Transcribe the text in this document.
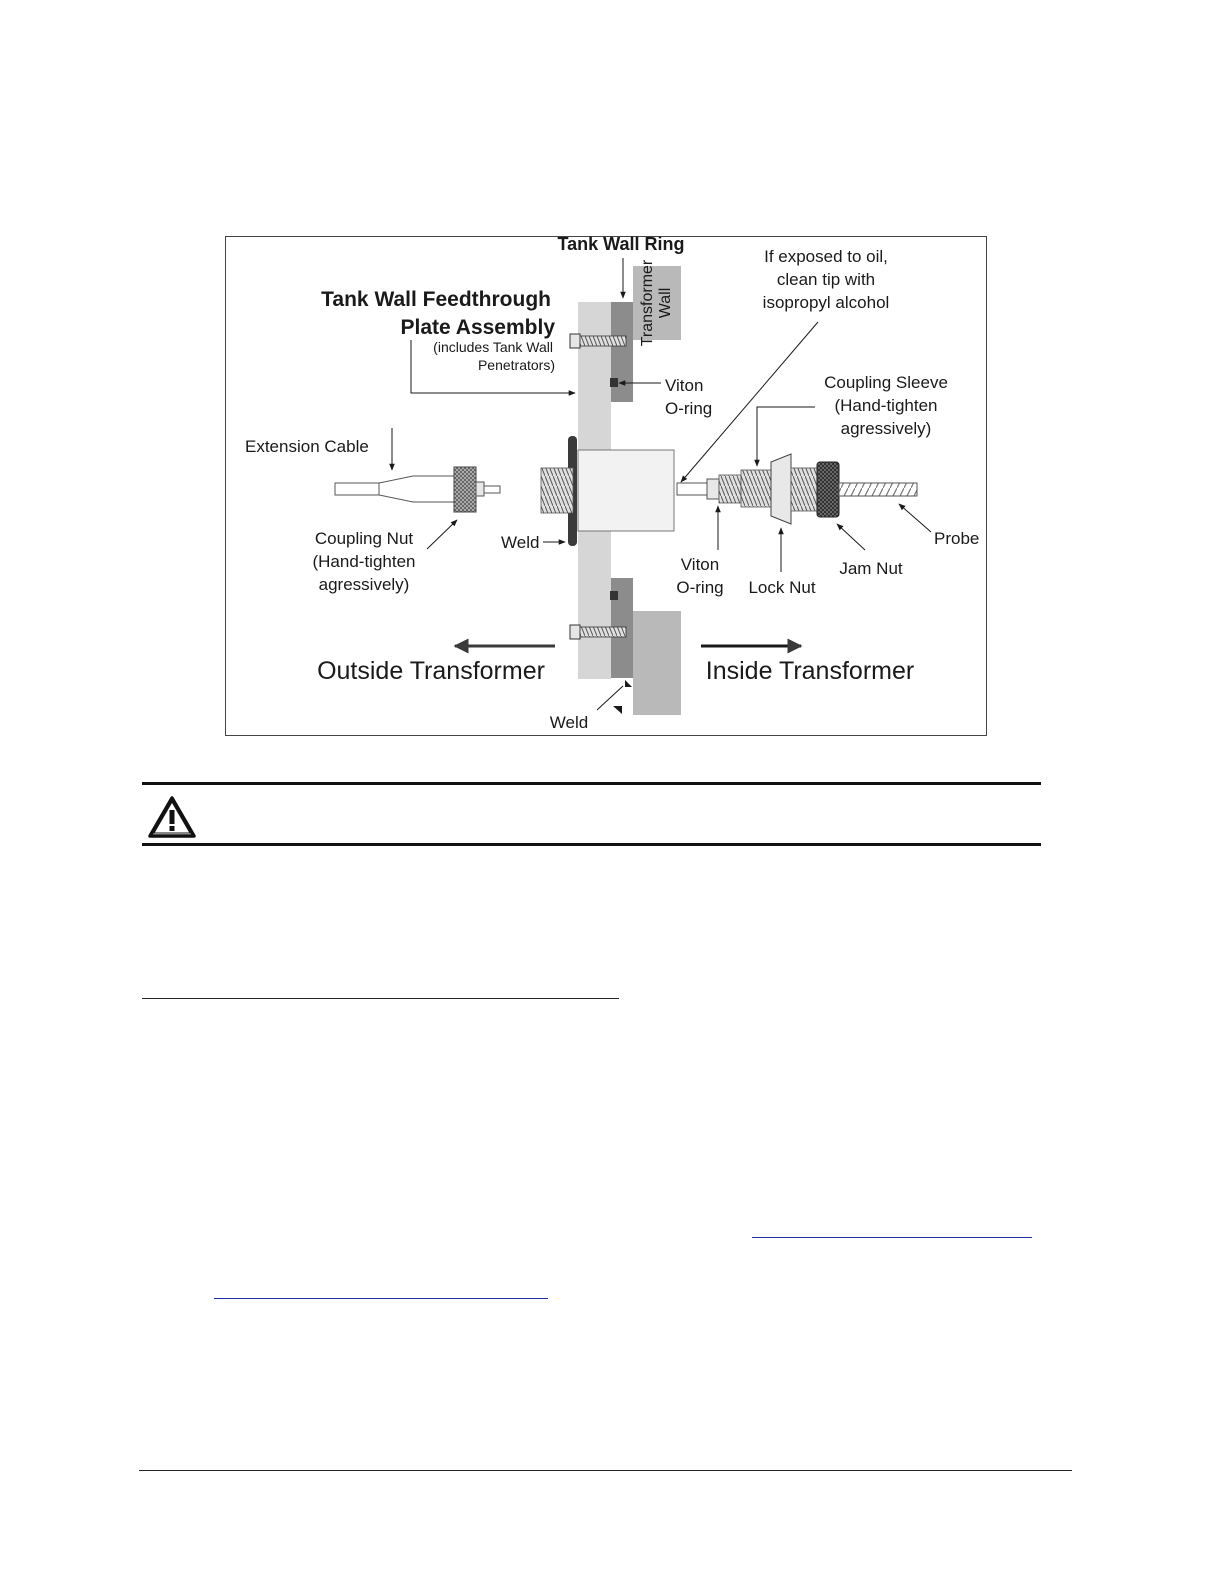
Tank Wall Ring
Tank Wall Feedthrough
Plate Assembly
(includes Tank Wall
Penetrators)
Transformer Wall
If exposed to oil,
clean tip with
isopropyl alcohol
Viton
O-ring
Coupling Sleeve
(Hand-tighten
agressively)
Extension Cable
Coupling Nut
(Hand-tighten
agressively)
Weld
Viton
O-ring Lock Nut
Jam Nut
Probe
Outside Transformer	Inside Transformer
Weld
